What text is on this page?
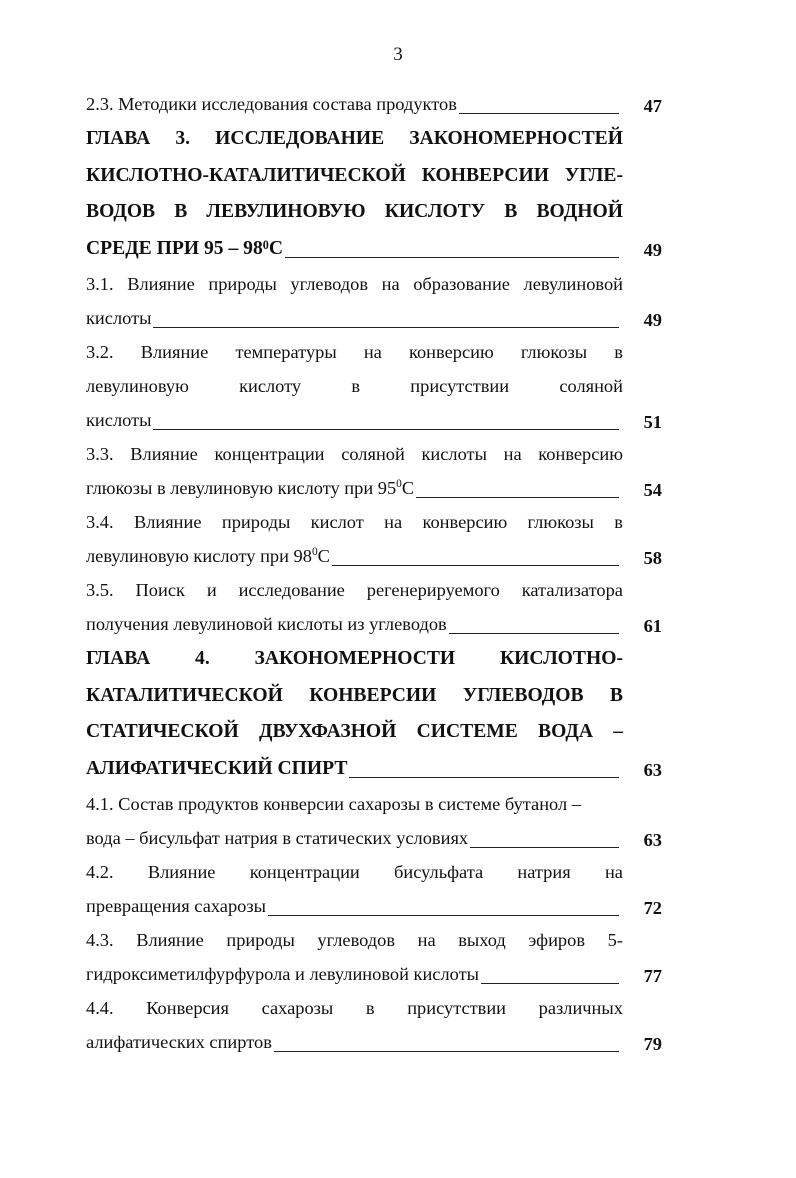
3
2.3. Методики исследования состава продуктов	47
ГЛАВА 3. ИССЛЕДОВАНИЕ ЗАКОНОМЕРНОСТЕЙ
КИСЛОТНО-КАТАЛИТИЧЕСКОЙ КОНВЕРСИИ УГЛЕ-
ВОДОВ В ЛЕВУЛИНОВУЮ КИСЛОТУ В ВОДНОЙ
СРЕДЕ ПРИ 95 – 98 $^0$ С	49
3.1. Влияние природы углеводов на образование левулиновой
кислоты	49
3.2. Влияние температуры на конверсию глюкозы в
левулиновую	кислоту	в	присутствии	соляной
кислоты	51
3.3. Влияние концентрации соляной кислоты на конверсию
глюкозы в левулиновую кислоту при $95^0$ С	54
3.4. Влияние природы кислот на конверсию глюкозы в
левулиновую кислоту при $98^0$ С	58
3.5. Поиск и исследование регенерируемого катализатора
получения левулиновой кислоты из углеводов	61
ГЛАВА 4. ЗАКОНОМЕРНОСТИ КИСЛОТНО-
КАТАЛИТИЧЕСКОЙ КОНВЕРСИИ УГЛЕВОДОВ В
СТАТИЧЕСКОЙ ДВУХФАЗНОЙ СИСТЕМЕ ВОДА –
АЛИФАТИЧЕСКИЙ СПИРТ	63
4.1. Состав продуктов конверсии сахарозы в системе бутанол –
вода – бисульфат натрия в статических условиях	63
4.2. Влияние концентрации бисульфата натрия на
превращения сахарозы	72
4.3. Влияние природы углеводов на выход эфиров 5-
гидроксиметилфурфурола и левулиновой кислоты	77
4.4. Конверсия сахарозы в присутствии различных
алифатических спиртов	79
